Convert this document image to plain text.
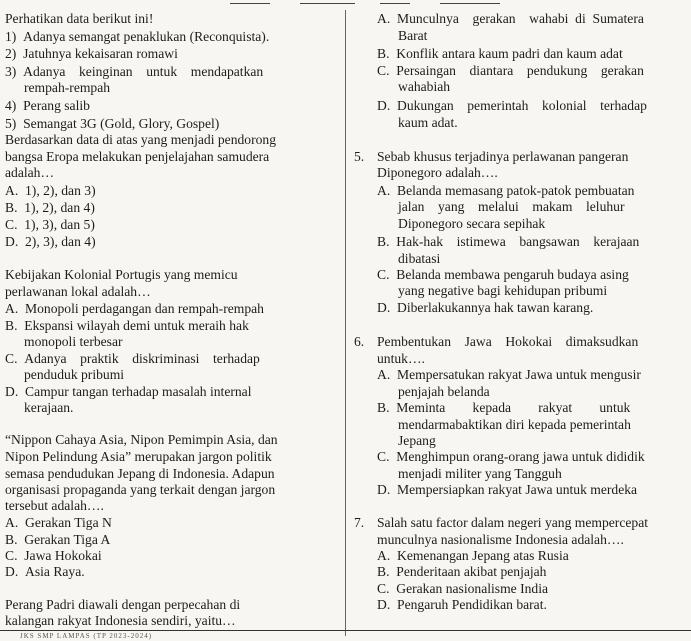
Perhatikan data berikut ini!
1) Adanya semangat penaklukan (Reconquista).
2) Jatuhnya kekaisaran romawi
3) Adanya keinginan untuk mendapatkan
rempah-rempah
4) Perang salib
5) Semangat 3G (Gold, Glory, Gospel)
Berdasarkan data di atas yang menjadi pendorong
bangsa Eropa melakukan penjelajahan samudera
adalah…
A. 1), 2), dan 3)
B. 1), 2), dan 4)
C. 1), 3), dan 5)
D. 2), 3), dan 4)
Kebijakan Kolonial Portugis yang memicu
perlawanan lokal adalah…
A. Monopoli perdagangan dan rempah-rempah
B. Ekspansi wilayah demi untuk meraih hak
monopoli terbesar
C. Adanya praktik diskriminasi terhadap
penduduk pribumi
D. Campur tangan terhadap masalah internal
kerajaan.
“Nippon Cahaya Asia, Nipon Pemimpin Asia, dan
Nipon Pelindung Asia” merupakan jargon politik
semasa pendudukan Jepang di Indonesia. Adapun
organisasi propaganda yang terkait dengan jargon
tersebut adalah….
A. Gerakan Tiga N
B. Gerakan Tiga A
C. Jawa Hokokai
D. Asia Raya.
Perang Padri diawali dengan perpecahan di
kalangan rakyat Indonesia sendiri, yaitu…
A. Munculnya gerakan wahabi di Sumatera
Barat
B. Konflik antara kaum padri dan kaum adat
C. Persaingan diantara pendukung gerakan
wahabiah
D. Dukungan pemerintah kolonial terhadap
kaum adat.
5. Sebab khusus terjadinya perlawanan pangeran
Diponegoro adalah….
A. Belanda memasang patok-patok pembuatan
jalan yang melalui makam leluhur
Diponegoro secara sepihak
B. Hak-hak istimewa bangsawan kerajaan
dibatasi
C. Belanda membawa pengaruh budaya asing
yang negative bagi kehidupan pribumi
D. Diberlakukannya hak tawan karang.
6. Pembentukan Jawa Hokokai dimaksudkan
untuk….
A. Mempersatukan rakyat Jawa untuk mengusir
penjajah belanda
B. Meminta  kepada  rakyat  untuk
mendarmabaktikan diri kepada pemerintah
Jepang
C. Menghimpun orang-orang jawa untuk dididik
menjadi militer yang Tangguh
D. Mempersiapkan rakyat Jawa untuk merdeka
7. Salah satu factor dalam negeri yang mempercepat
munculnya nasionalisme Indonesia adalah….
A. Kemenangan Jepang atas Rusia
B. Penderitaan akibat penjajah
C. Gerakan nasionalisme India
D. Pengaruh Pendidikan barat.
JKS SMP LAMPAS (TP 2023-2024)
